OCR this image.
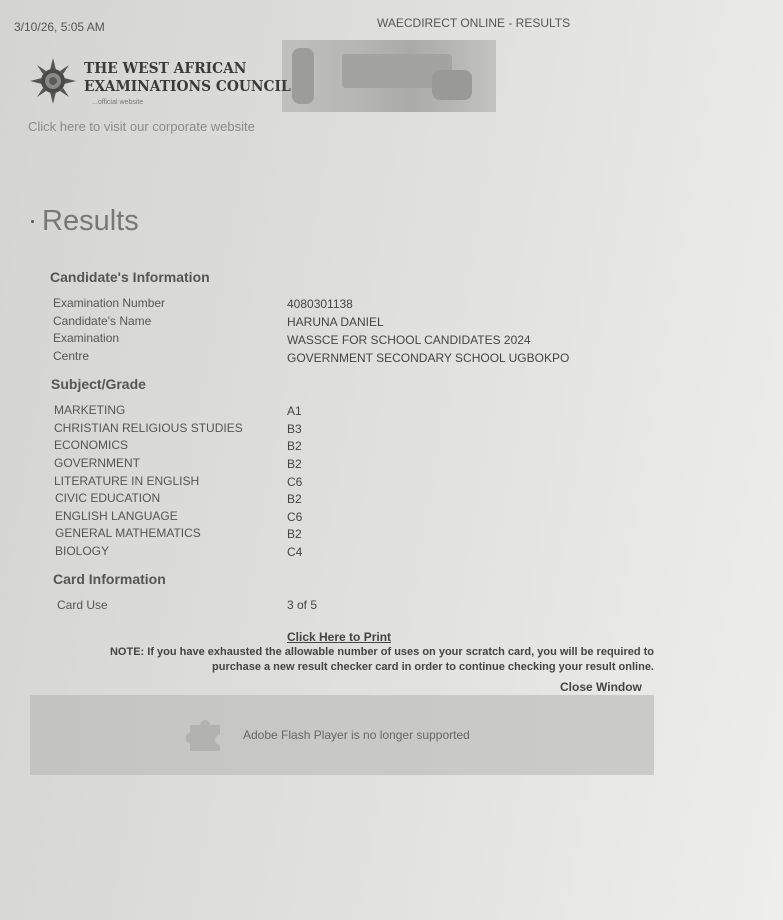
3/10/26, 5:05 AM	WAECDIRECT ONLINE - RESULTS
THE WEST AFRICAN
EXAMINATIONS COUNCIL
...official website
Click here to visit our corporate website
Results
Candidate's Information
Examination Number	4080301138
Candidate's Name	HARUNA DANIEL
Examination	WASSCE FOR SCHOOL CANDIDATES 2024
Centre	GOVERNMENT SECONDARY SCHOOL UGBOKPO
Subject/Grade
MARKETING	A1
CHRISTIAN RELIGIOUS STUDIES	B3
ECONOMICS	B2
GOVERNMENT	B2
LITERATURE IN ENGLISH	C6
CIVIC EDUCATION	B2
ENGLISH LANGUAGE	C6
GENERAL MATHEMATICS	B2
BIOLOGY	C4
Card Information
Card Use	3 of 5
Click Here to Print
NOTE: If you have exhausted the allowable number of uses on your scratch card, you will be required to purchase a new result checker card in order to continue checking your result online.
Close Window
Adobe Flash Player is no longer supported
